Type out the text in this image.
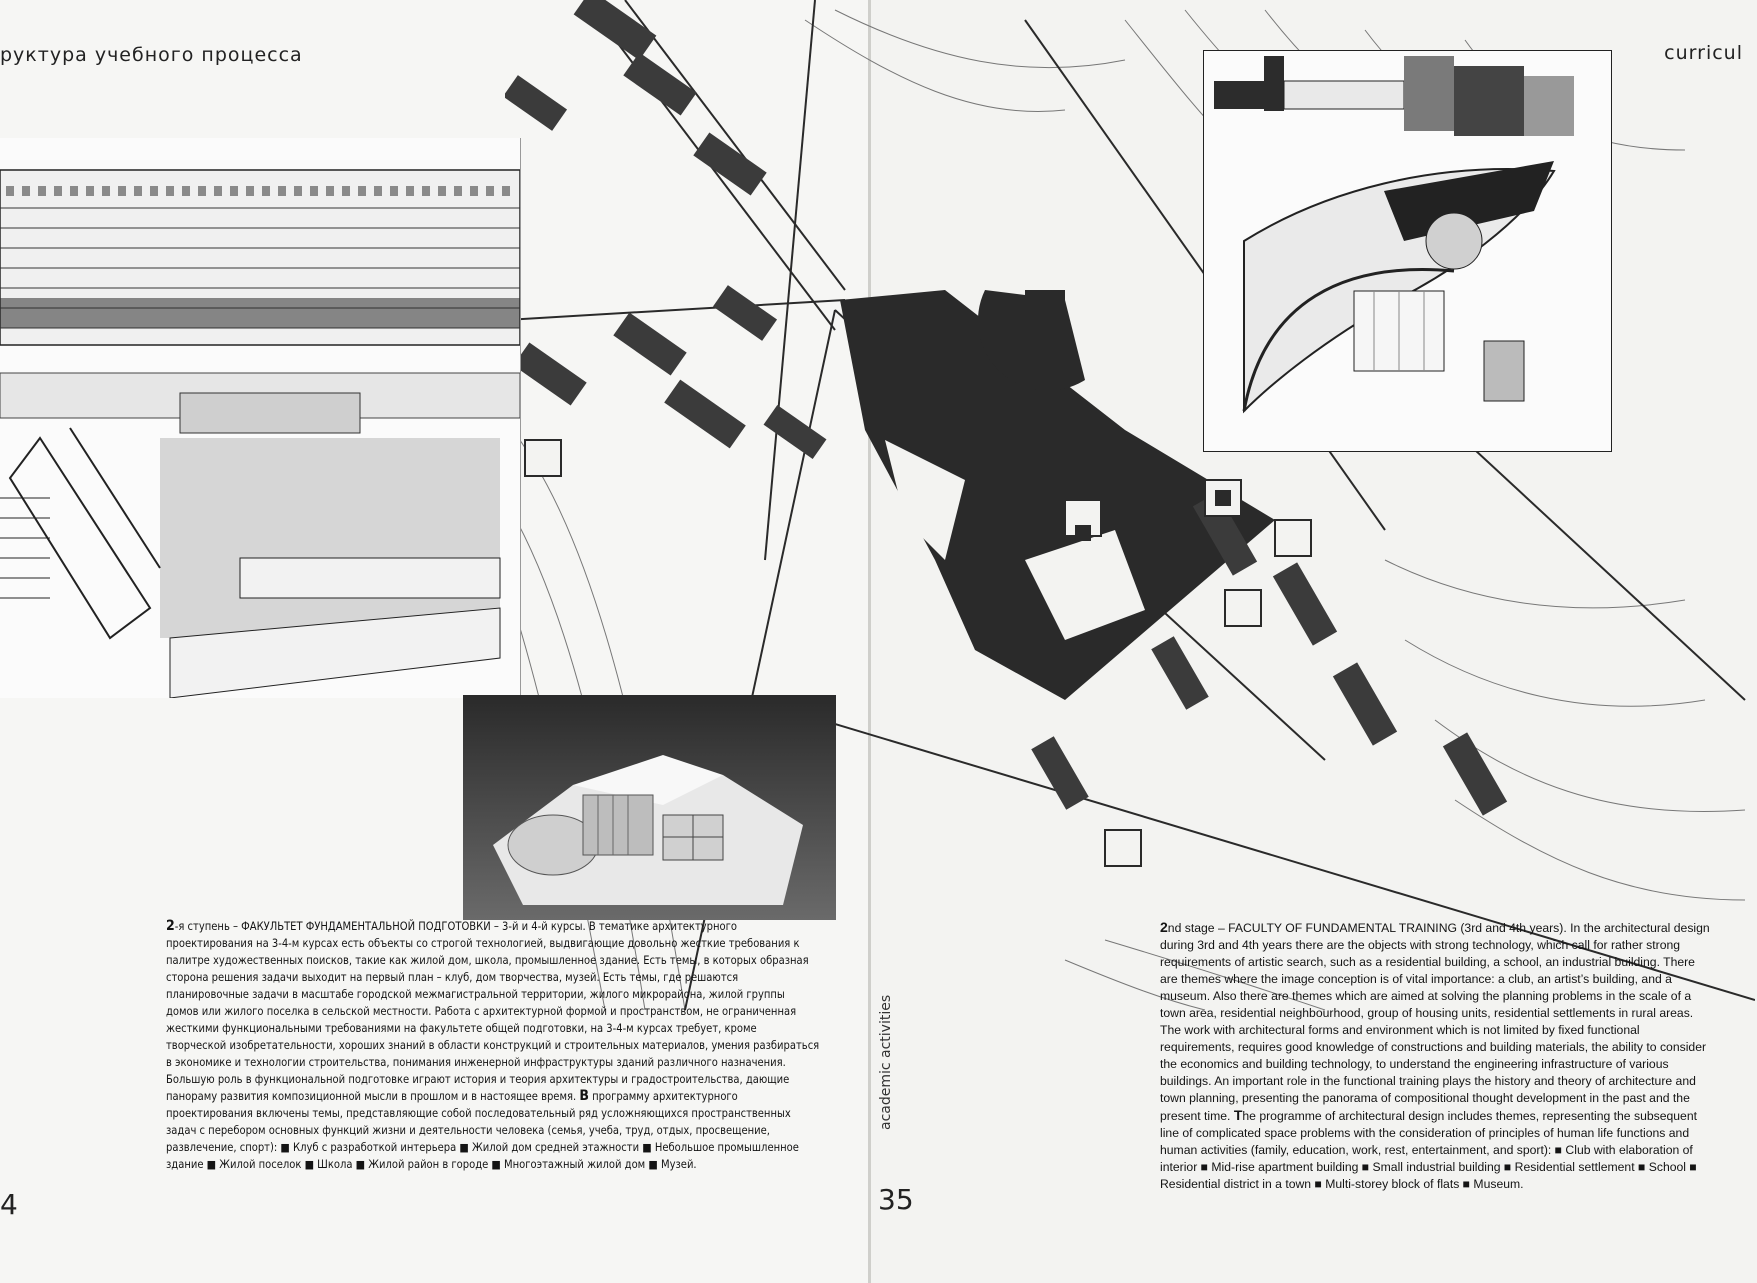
руктура учебного процесса	curricul

2-я ступень – ФАКУЛЬТЕТ ФУНДАМЕНТАЛЬНОЙ ПОДГОТОВКИ – 3-й и 4-й курсы. В тематике архитектурного проектирования на 3-4-м курсах есть объекты со строгой технологией, выдвигающие довольно жесткие требования к палитре художественных поисков, такие как жилой дом, школа, промышленное здание. Есть темы, в которых образная сторона решения задачи выходит на первый план – клуб, дом творчества, музей. Есть темы, где решаются планировочные задачи в масштабе городской межмагистральной территории, жилого микрорайона, жилой группы домов или жилого поселка в сельской местности. Работа с архитектурной формой и пространством, не ограниченная жесткими функциональными требованиями на факультете общей подготовки, на 3-4-м курсах требует, кроме творческой изобретательности, хороших знаний в области конструкций и строительных материалов, умения разбираться в экономике и технологии строительства, понимания инженерной инфраструктуры зданий различного назначения. Большую роль в функциональной подготовке играют история и теория архитектуры и градостроительства, дающие панораму развития композиционной мысли в прошлом и в настоящее время. В программу архитектурного проектирования включены темы, представляющие собой последовательный ряд усложняющихся пространственных задач с перебором основных функций жизни и деятельности человека (семья, учеба, труд, отдых, просвещение, развлечение, спорт): ■ Клуб с разработкой интерьера ■ Жилой дом средней этажности ■ Небольшое промышленное здание ■ Жилой поселок ■ Школа ■ Жилой район в городе ■ Многоэтажный жилой дом ■ Музей.

2nd stage – FACULTY OF FUNDAMENTAL TRAINING (3rd and 4th years). In the architectural design during 3rd and 4th years there are the objects with strong technology, which call for rather strong requirements of artistic search, such as a residential building, a school, an industrial building. There are themes where the image conception is of vital importance: a club, an artist’s building, and a museum. Also there are themes which are aimed at solving the planning problems in the scale of a town area, residential neighbourhood, group of housing units, residential settlements in rural areas. The work with architectural forms and environment which is not limited by fixed functional requirements, requires good knowledge of constructions and building materials, the ability to consider the economics and building technology, to understand the engineering infrastructure of various buildings. An important role in the functional training plays the history and theory of architecture and town planning, presenting the panorama of compositional thought development in the past and the present time. The programme of architectural design includes themes, representing the subsequent line of complicated space problems with the consideration of principles of human life functions and human activities (family, education, work, rest, entertainment, and sport): ■ Club with elaboration of interior ■ Mid-rise apartment building ■ Small industrial building ■ Residential settlement ■ School ■ Residential district in a town ■ Multi-storey block of flats ■ Museum.

4	35
academic activities
